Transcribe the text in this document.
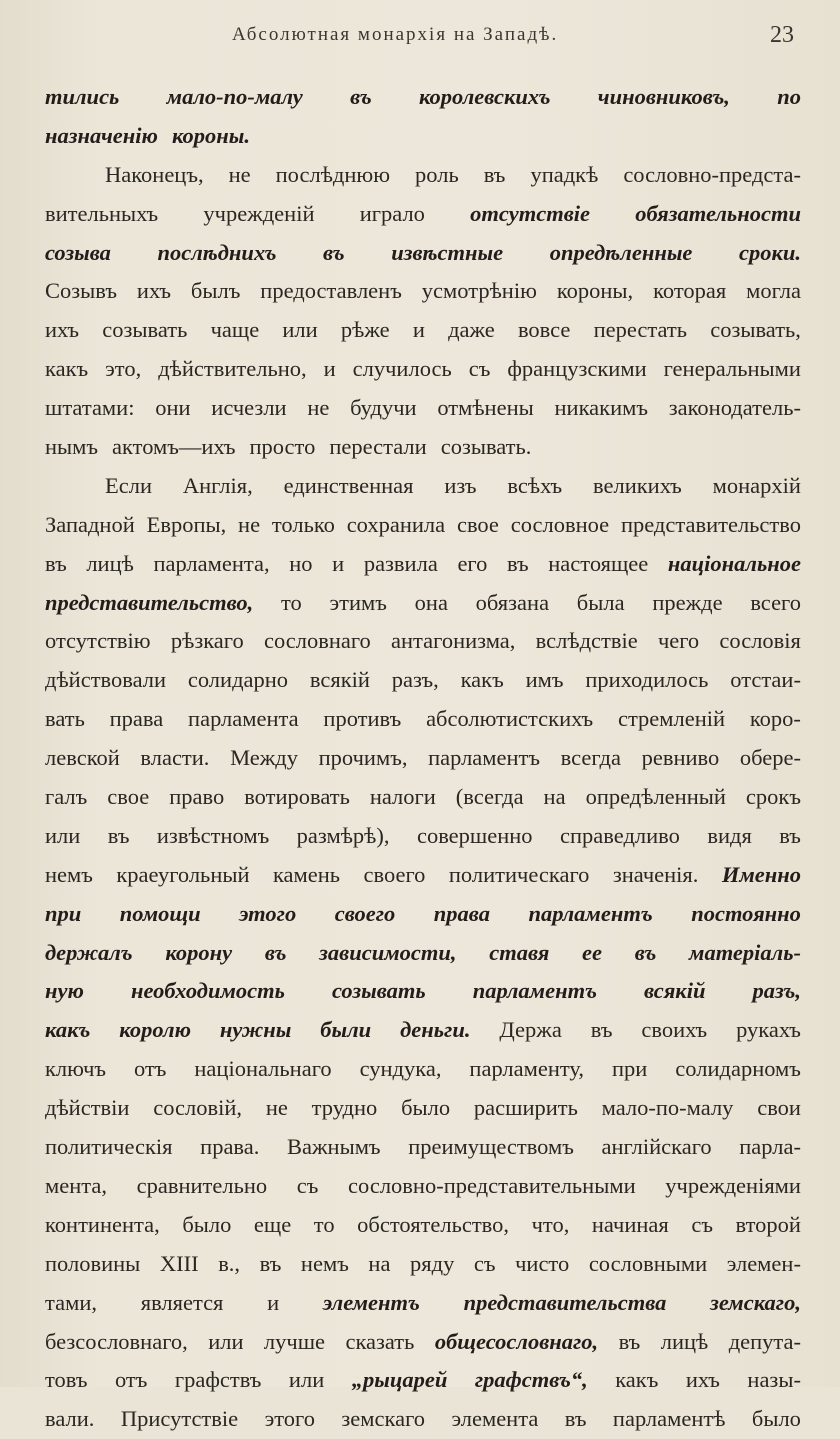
Абсолютная монархія на Западѣ.	23
тились мало-по-малу въ королевскихъ чиновниковъ, по
назначенію короны.
Наконецъ, не послѣднюю роль въ упадкѣ сословно-предста-
вительныхъ учрежденій играло отсутствіе обязательности
созыва послѣднихъ въ извѣстные опредѣленные сроки.
Созывъ ихъ былъ предоставленъ усмотрѣнію короны, которая могла
ихъ созывать чаще или рѣже и даже вовсе перестать созывать,
какъ это, дѣйствительно, и случилось съ французскими генеральными
штатами: они исчезли не будучи отмѣнены никакимъ законодатель-
нымъ актомъ—ихъ просто перестали созывать.
Если Англія, единственная изъ всѣхъ великихъ монархій
Западной Европы, не только сохранила свое сословное представительство
въ лицѣ парламента, но и развила его въ настоящее національное
представительство, то этимъ она обязана была прежде всего
отсутствію рѣзкаго сословнаго антагонизма, вслѣдствіе чего сословія
дѣйствовали солидарно всякій разъ, какъ имъ приходилось отстаи-
вать права парламента противъ абсолютистскихъ стремленій коро-
левской власти. Между прочимъ, парламентъ всегда ревниво обере-
галъ свое право вотировать налоги (всегда на опредѣленный срокъ
или въ извѣстномъ размѣрѣ), совершенно справедливо видя въ
немъ краеугольный камень своего политическаго значенія. Именно
при помощи этого своего права парламентъ постоянно
держалъ корону въ зависимости, ставя ее въ матеріаль-
ную необходимость созывать парламентъ всякій разъ,
какъ королю нужны были деньги. Держа въ своихъ рукахъ
ключъ отъ національнаго сундука, парламенту, при солидарномъ
дѣйствіи сословій, не трудно было расширить мало-по-малу свои
политическія права. Важнымъ преимуществомъ англійскаго парла-
мента, сравнительно съ сословно-представительными учрежденіями
континента, было еще то обстоятельство, что, начиная съ второй
половины XIII в., въ немъ на ряду съ чисто сословными элемен-
тами, является и элементъ представительства земскаго,
безсословнаго, или лучше сказать общесословнаго, въ лицѣ депута-
товъ отъ графствъ или „рыцарей графствъ“, какъ ихъ назы-
вали. Присутствіе этого земскаго элемента въ парламентѣ было
